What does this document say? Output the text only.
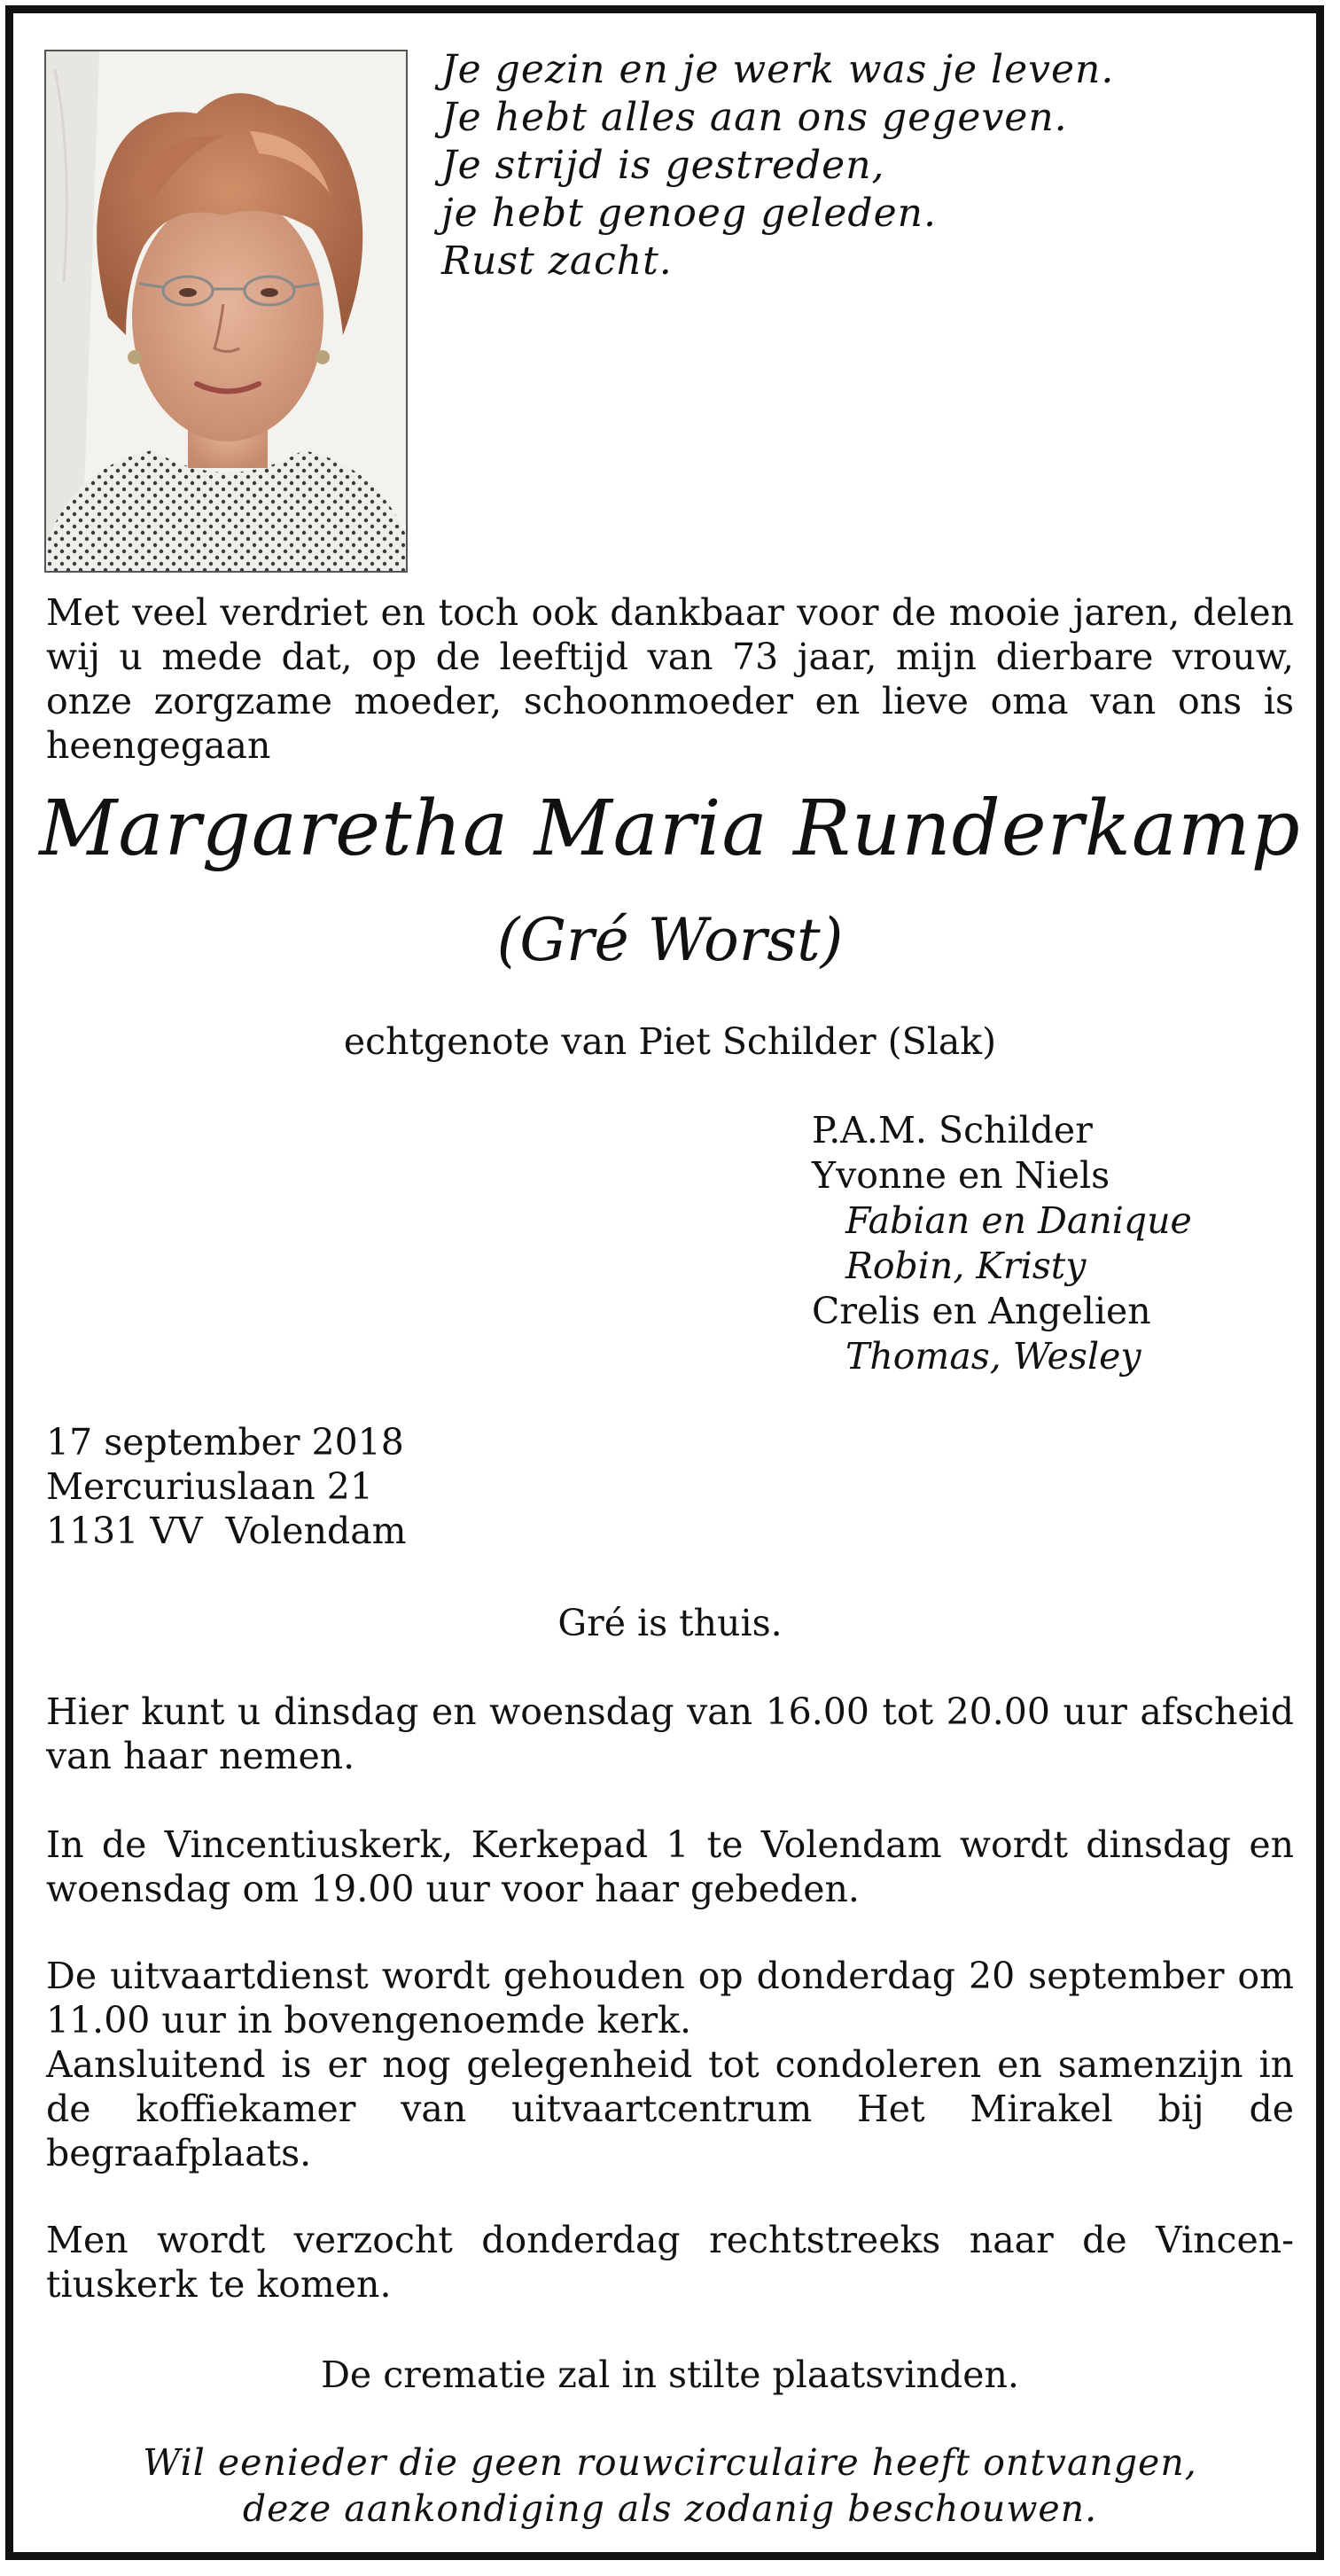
Je gezin en je werk was je leven.
Je hebt alles aan ons gegeven.
Je strijd is gestreden,
je hebt genoeg geleden.
Rust zacht.
Met veel verdriet en toch ook dankbaar voor de mooie jaren, delen wij u mede dat, op de leeftijd van 73 jaar, mijn dierbare vrouw, onze zorgzame moeder, schoonmoeder en lieve oma van ons is heengegaan
Margaretha Maria Runderkamp
(Gré Worst)
echtgenote van Piet Schilder (Slak)
P.A.M. Schilder
Yvonne en Niels
Fabian en Danique
Robin, Kristy
Crelis en Angelien
Thomas, Wesley
17 september 2018
Mercuriuslaan 21
1131 VV  Volendam
Gré is thuis.
Hier kunt u dinsdag en woensdag van 16.00 tot 20.00 uur afscheid van haar nemen.
In de Vincentiuskerk, Kerkepad 1 te Volendam wordt dinsdag en woensdag om 19.00 uur voor haar gebeden.
De uitvaartdienst wordt gehouden op donderdag 20 september om 11.00 uur in bovengenoemde kerk.
Aansluitend is er nog gelegenheid tot condoleren en samenzijn in de koffiekamer van uitvaartcentrum Het Mirakel bij de begraafplaats.
Men wordt verzocht donderdag rechtstreeks naar de Vincentiuskerk te komen.
De crematie zal in stilte plaatsvinden.
Wil eenieder die geen rouwcirculaire heeft ontvangen,
deze aankondiging als zodanig beschouwen.
